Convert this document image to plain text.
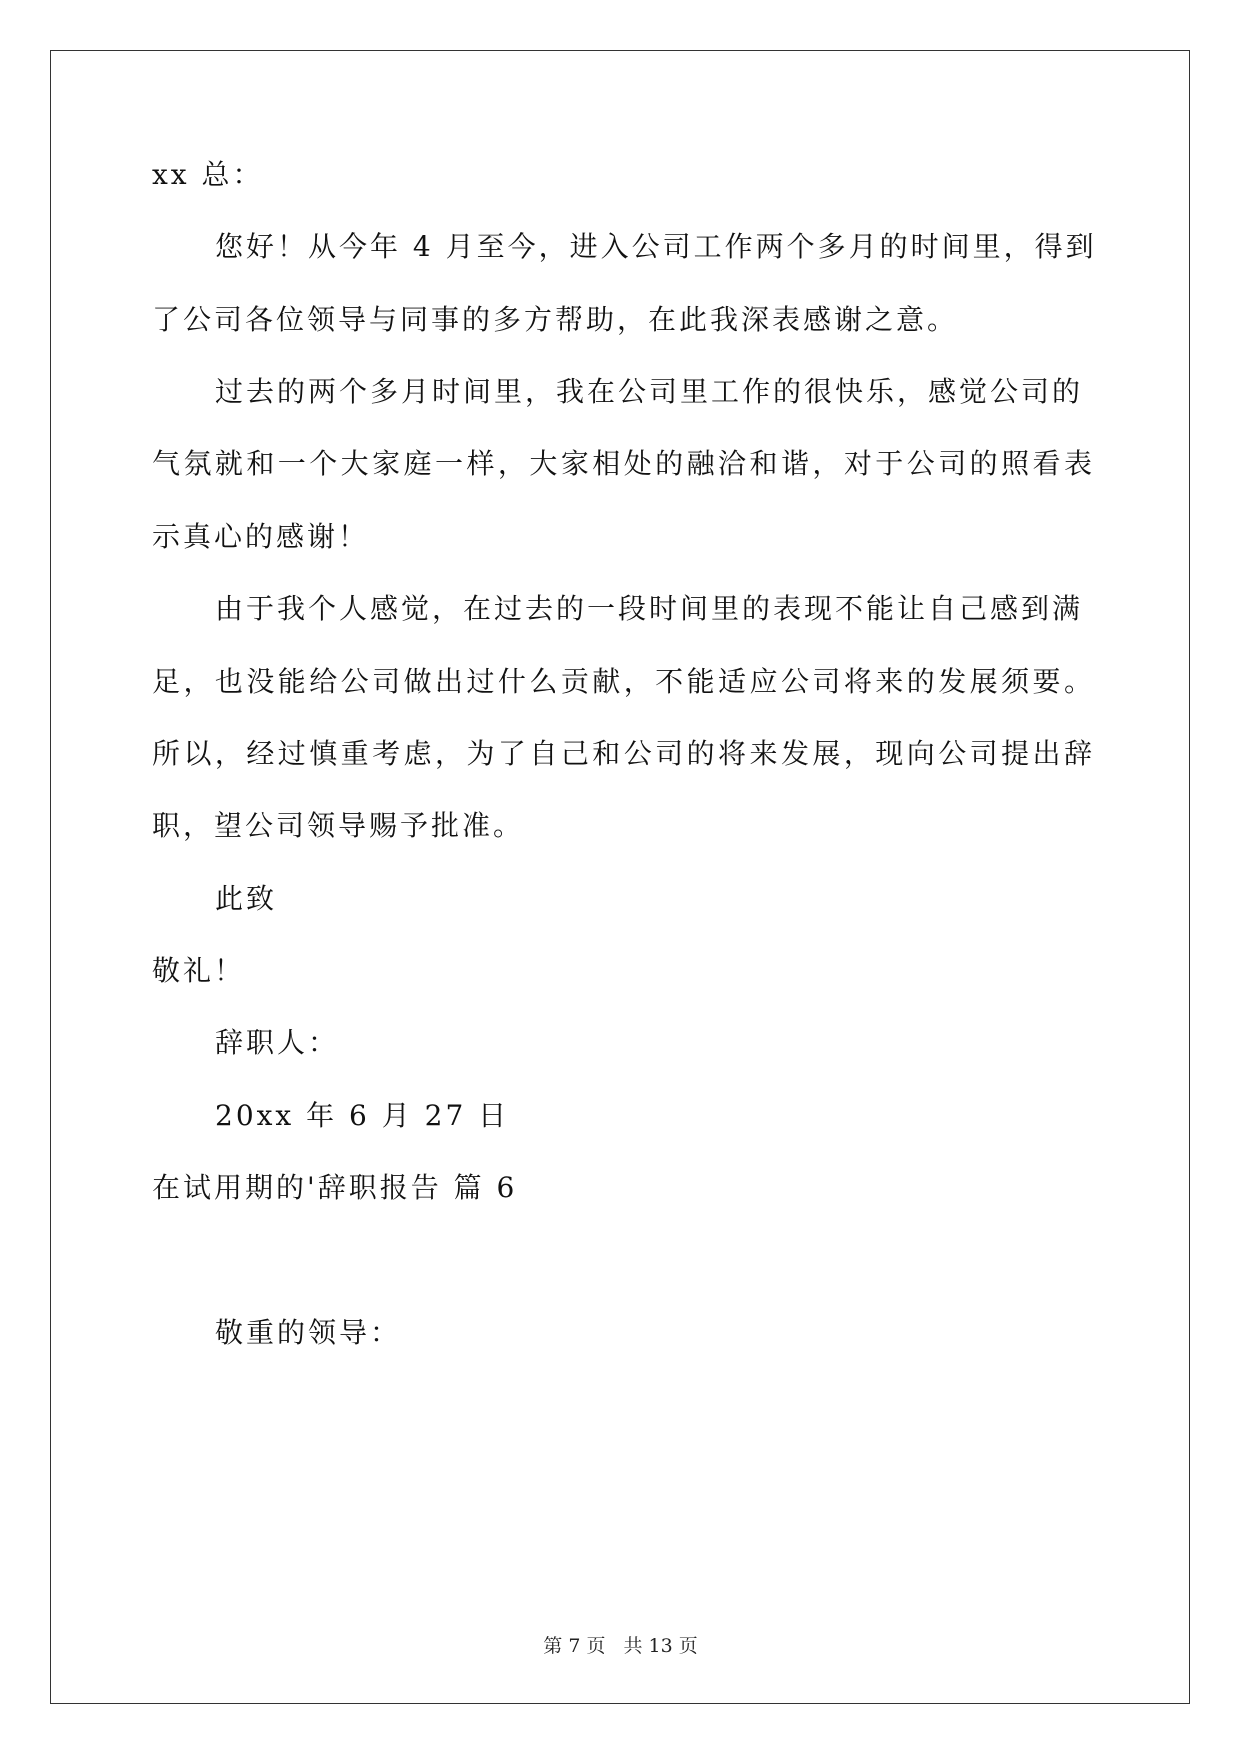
xx 总：
您好！从今年 4 月至今，进入公司工作两个多月的时间里，得到
了公司各位领导与同事的多方帮助，在此我深表感谢之意。
过去的两个多月时间里，我在公司里工作的很快乐，感觉公司的
气氛就和一个大家庭一样，大家相处的融洽和谐，对于公司的照看表
示真心的感谢！
由于我个人感觉，在过去的一段时间里的表现不能让自己感到满
足，也没能给公司做出过什么贡献，不能适应公司将来的发展须要。
所以，经过慎重考虑，为了自己和公司的将来发展，现向公司提出辞
职，望公司领导赐予批准。
此致
敬礼！
辞职人：
20xx 年 6 月 27 日
在试用期的'辞职报告 篇 6
敬重的领导：
第 7 页 共 13 页
